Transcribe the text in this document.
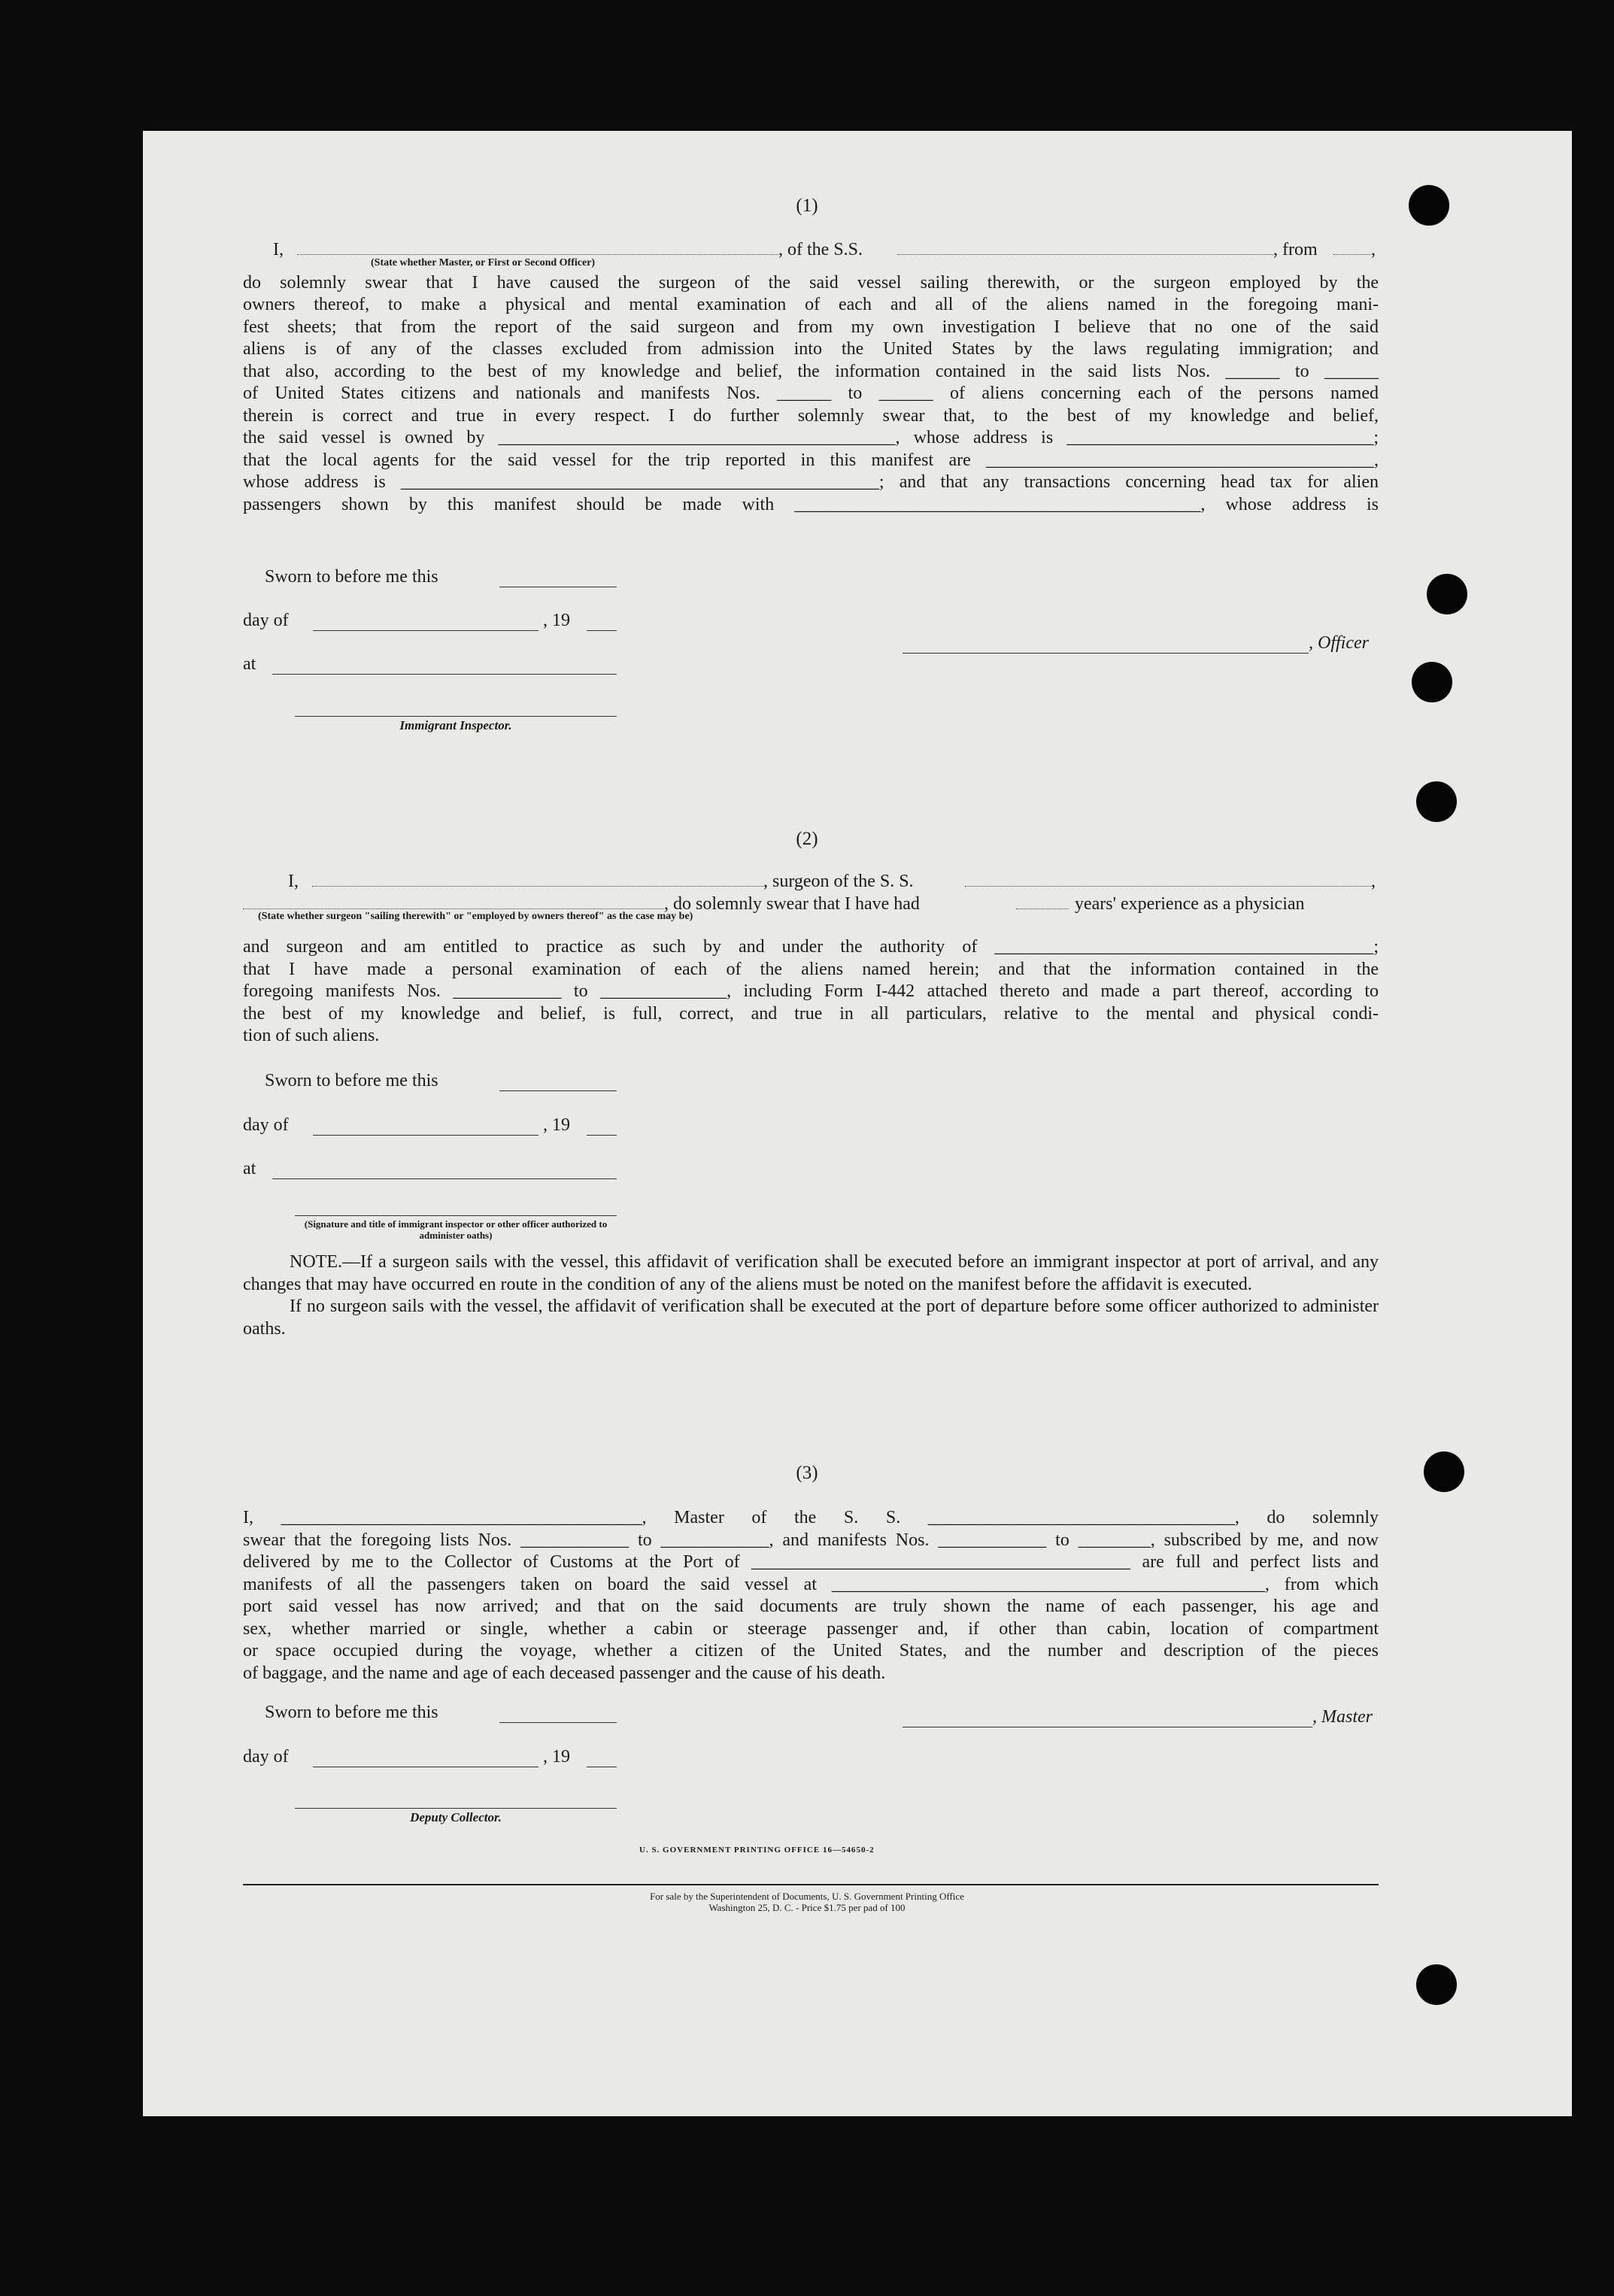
(1)
I,	, of the S.S.	, from	,
(State whether Master, or First or Second Officer)
do solemnly swear that I have caused the surgeon of the said vessel sailing therewith, or the surgeon employed by the
owners thereof, to make a physical and mental examination of each and all of the aliens named in the foregoing mani-
fest sheets; that from the report of the said surgeon and from my own investigation I believe that no one of the said
aliens is of any of the classes excluded from admission into the United States by the laws regulating immigration; and
that also, according to the best of my knowledge and belief, the information contained in the said lists Nos. ______ to ______
of United States citizens and nationals and manifests Nos. ______ to ______ of aliens concerning each of the persons named
therein is correct and true in every respect. I do further solemnly swear that, to the best of my knowledge and belief,
the said vessel is owned by ____________________________________________, whose address is __________________________________;
that the local agents for the said vessel for the trip reported in this manifest are ___________________________________________,
whose address is _____________________________________________________; and that any transactions concerning head tax for alien
passengers shown by this manifest should be made with _____________________________________________, whose address is
Sworn to before me this
day of	, 19
at
, Officer
Immigrant Inspector.
(2)
I,	, surgeon of the S. S.	,
, do solemnly swear that I have had	years' experience as a physician
(State whether surgeon "sailing therewith" or "employed by owners thereof" as the case may be)
and surgeon and am entitled to practice as such by and under the authority of __________________________________________;
that I have made a personal examination of each of the aliens named herein; and that the information contained in the
foregoing manifests Nos. ____________ to ______________, including Form I-442 attached thereto and made a part thereof, according to
the best of my knowledge and belief, is full, correct, and true in all particulars, relative to the mental and physical condi-
tion of such aliens.
Sworn to before me this
day of	, 19
at
(Signature and title of immigrant inspector or other officer authorized to administer oaths)
NOTE.—If a surgeon sails with the vessel, this affidavit of verification shall be executed before an immigrant inspector at port of arrival, and any changes that may have occurred en route in the condition of any of the aliens must be noted on the manifest before the affidavit is executed.
If no surgeon sails with the vessel, the affidavit of verification shall be executed at the port of departure before some officer authorized to administer oaths.
(3)
I, ________________________________________, Master of the S. S. __________________________________, do solemnly
swear that the foregoing lists Nos. ____________ to ____________, and manifests Nos. ____________ to ________, subscribed by me, and now
delivered by me to the Collector of Customs at the Port of __________________________________________ are full and perfect lists and
manifests of all the passengers taken on board the said vessel at ________________________________________________, from which
port said vessel has now arrived; and that on the said documents are truly shown the name of each passenger, his age and
sex, whether married or single, whether a cabin or steerage passenger and, if other than cabin, location of compartment
or space occupied during the voyage, whether a citizen of the United States, and the number and description of the pieces
of baggage, and the name and age of each deceased passenger and the cause of his death.
Sworn to before me this	, Master
day of	, 19
Deputy Collector.
U. S. GOVERNMENT PRINTING OFFICE 16—54650-2
For sale by the Superintendent of Documents, U. S. Government Printing Office
Washington 25, D. C. - Price $1.75 per pad of 100
